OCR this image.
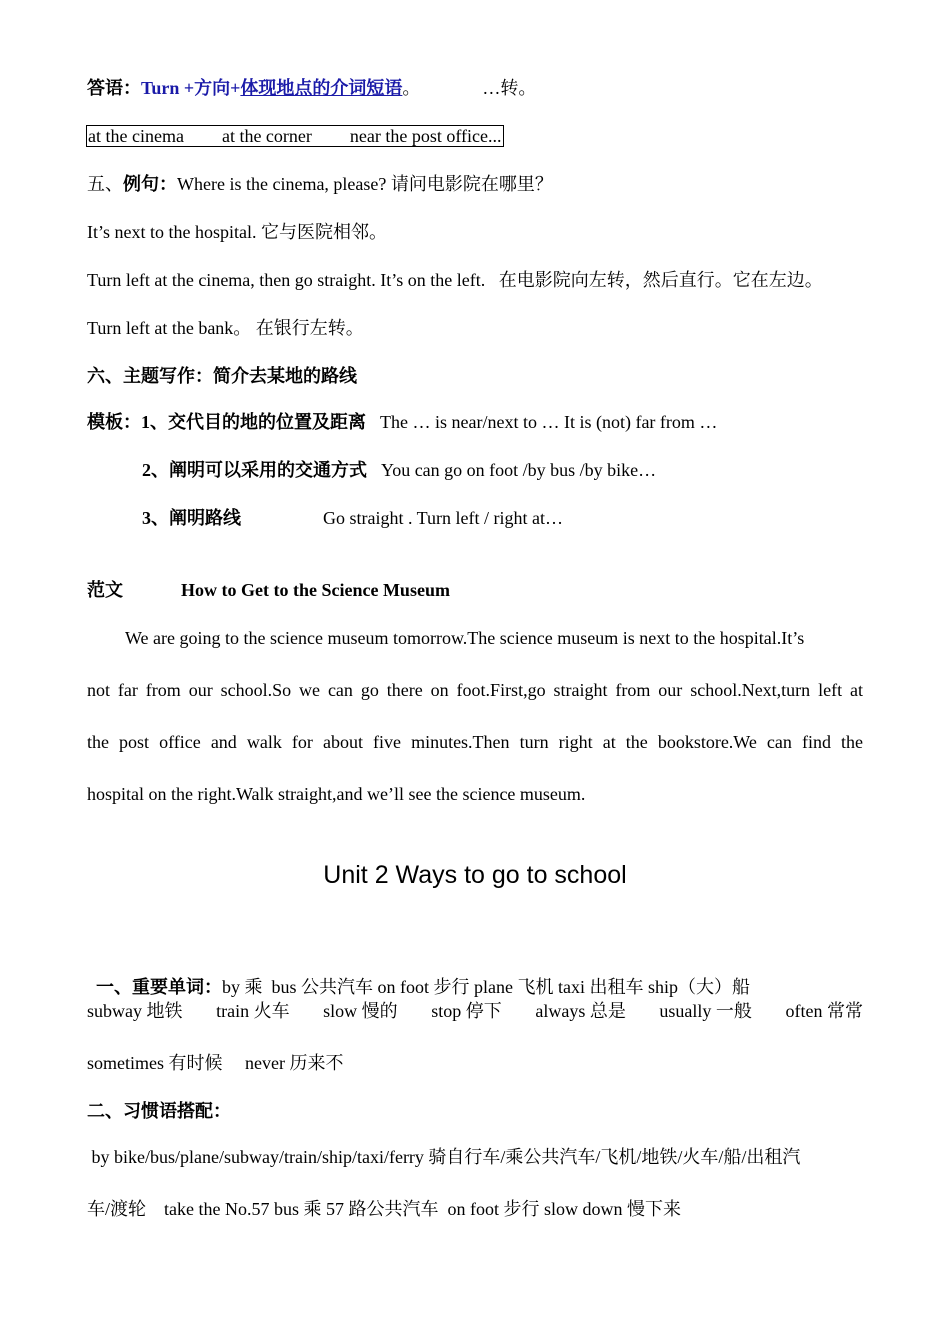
答语：Turn +方向+体现地点的介词短语。	…转。
at the cinema at the corner near the post office...
五、例句：Where is the cinema, please? 请问电影院在哪里？
It’s next to the hospital. 它与医院相邻。
Turn left at the cinema, then go straight. It’s on the left.   在电影院向左转，然后直行。它在左边。
Turn left at the bank。 在银行左转。
六、主题写作：简介去某地的路线
模板：1、交代目的地的位置及距离 The … is near/next to … It is (not) far from …
2、阐明可以采用的交通方式 You can go on foot /by bus /by bike…
3、阐明路线	Go straight . Turn left / right at…
范文	How to Get to the Science Museum
We are going to the science museum tomorrow.The science museum is next to the hospital.It’s
not far from our school.So we can go there on foot.First,go straight from our school.Next,turn left at
the post office and walk for about five minutes.Then turn right at the bookstore.We can find the
hospital on the right.Walk straight,and we’ll see the science museum.
Unit 2 Ways to go to school

一、重要单词：by 乘  bus 公共汽车 on foot 步行 plane 飞机 taxi 出租车 ship（大）船

subway 地铁 train 火车 slow 慢的 stop 停下 always 总是 usually 一般 often 常常
sometimes 有时候     never 历来不
二、习惯语搭配：
by bike/bus/plane/subway/train/ship/taxi/ferry 骑自行车/乘公共汽车/飞机/地铁/火车/船/出租汽
车/渡轮    take the No.57 bus 乘 57 路公共汽车  on foot 步行 slow down 慢下来
